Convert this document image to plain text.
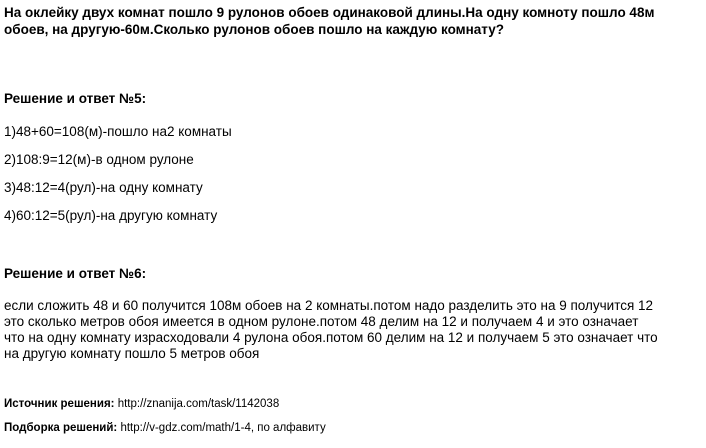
На оклейку двух комнат пошло 9 рулонов обоев одинаковой длины.На одну комноту пошло 48м
обоев, на другую-60м.Сколько рулонов обоев пошло на каждую комнату?
Решение и ответ №5:
1)48+60=108(м)-пошло на2 комнаты
2)108:9=12(м)-в одном рулоне
3)48:12=4(рул)-на одну комнату
4)60:12=5(рул)-на другую комнату
Решение и ответ №6:
если сложить 48 и 60 получится 108м обоев на 2 комнаты.потом надо разделить это на 9 получится 12
это сколько метров обоя имеется в одном рулоне.потом 48 делим на 12 и получаем 4 и это означает
что на одну комнату израсходовали 4 рулона обоя.потом 60 делим на 12 и получаем 5 это означает что
на другую комнату пошло 5 метров обоя
Источник решения: http://znanija.com/task/1142038
Подборка решений: http://v-gdz.com/math/1-4, по алфавиту
